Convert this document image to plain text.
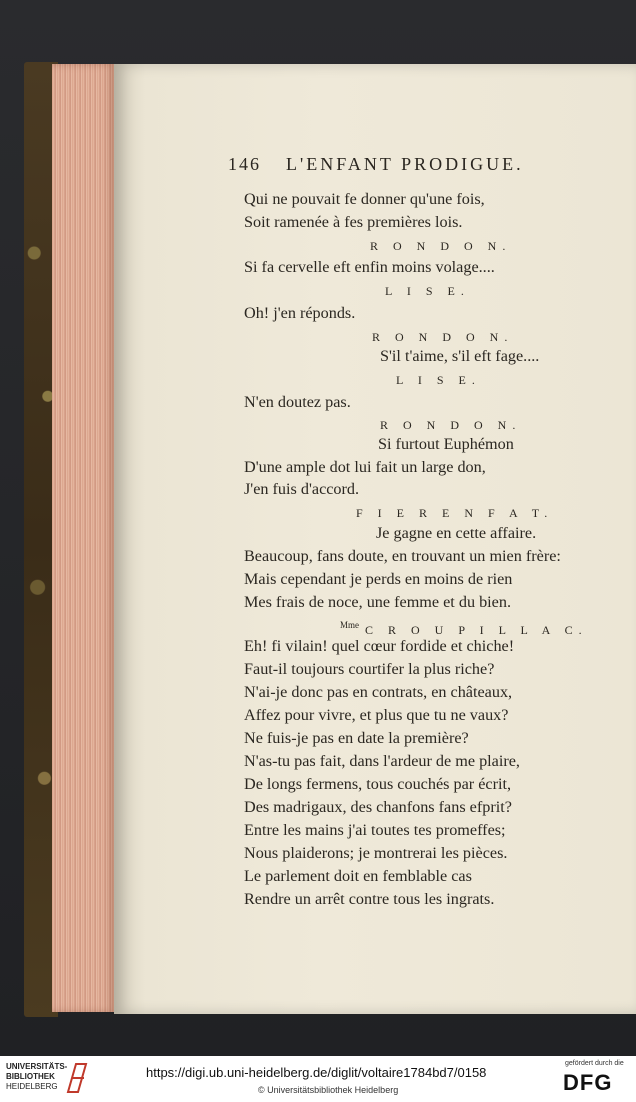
146 L'ENFANT PRODIGUE.
Qui ne pouvait fe donner qu'une fois,
Soit ramenée à fes premières lois.
R O N D O N.
Si fa cervelle eft enfin moins volage....
L I S E.
Oh! j'en réponds.
R O N D O N.
S'il t'aime, s'il eft fage....
L I S E.
N'en doutez pas.
R O N D O N.
Si furtout Euphémon
D'une ample dot lui fait un large don,
J'en fuis d'accord.
F I E R E N F A T.
Je gagne en cette affaire.
Beaucoup, fans doute, en trouvant un mien frère:
Mais cependant je perds en moins de rien
Mes frais de noce, une femme et du bien.
$^{Mme}$ C R O U P I L L A C.
Eh! fi vilain! quel cœur fordide et chiche!
Faut-il toujours courtifer la plus riche?
N'ai-je donc pas en contrats, en châteaux,
Affez pour vivre, et plus que tu ne vaux?
Ne fuis-je pas en date la première?
N'as-tu pas fait, dans l'ardeur de me plaire,
De longs fermens, tous couchés par écrit,
Des madrigaux, des chanfons fans efprit?
Entre les mains j'ai toutes tes promeffes;
Nous plaiderons; je montrerai les pièces.
Le parlement doit en femblable cas
Rendre un arrêt contre tous les ingrats.
UNIVERSITÄTS-
BIBLIOTHEK
HEIDELBERG
https://digi.ub.uni-heidelberg.de/diglit/voltaire1784bd7/0158
© Universitätsbibliothek Heidelberg
gefördert durch die
DFG
